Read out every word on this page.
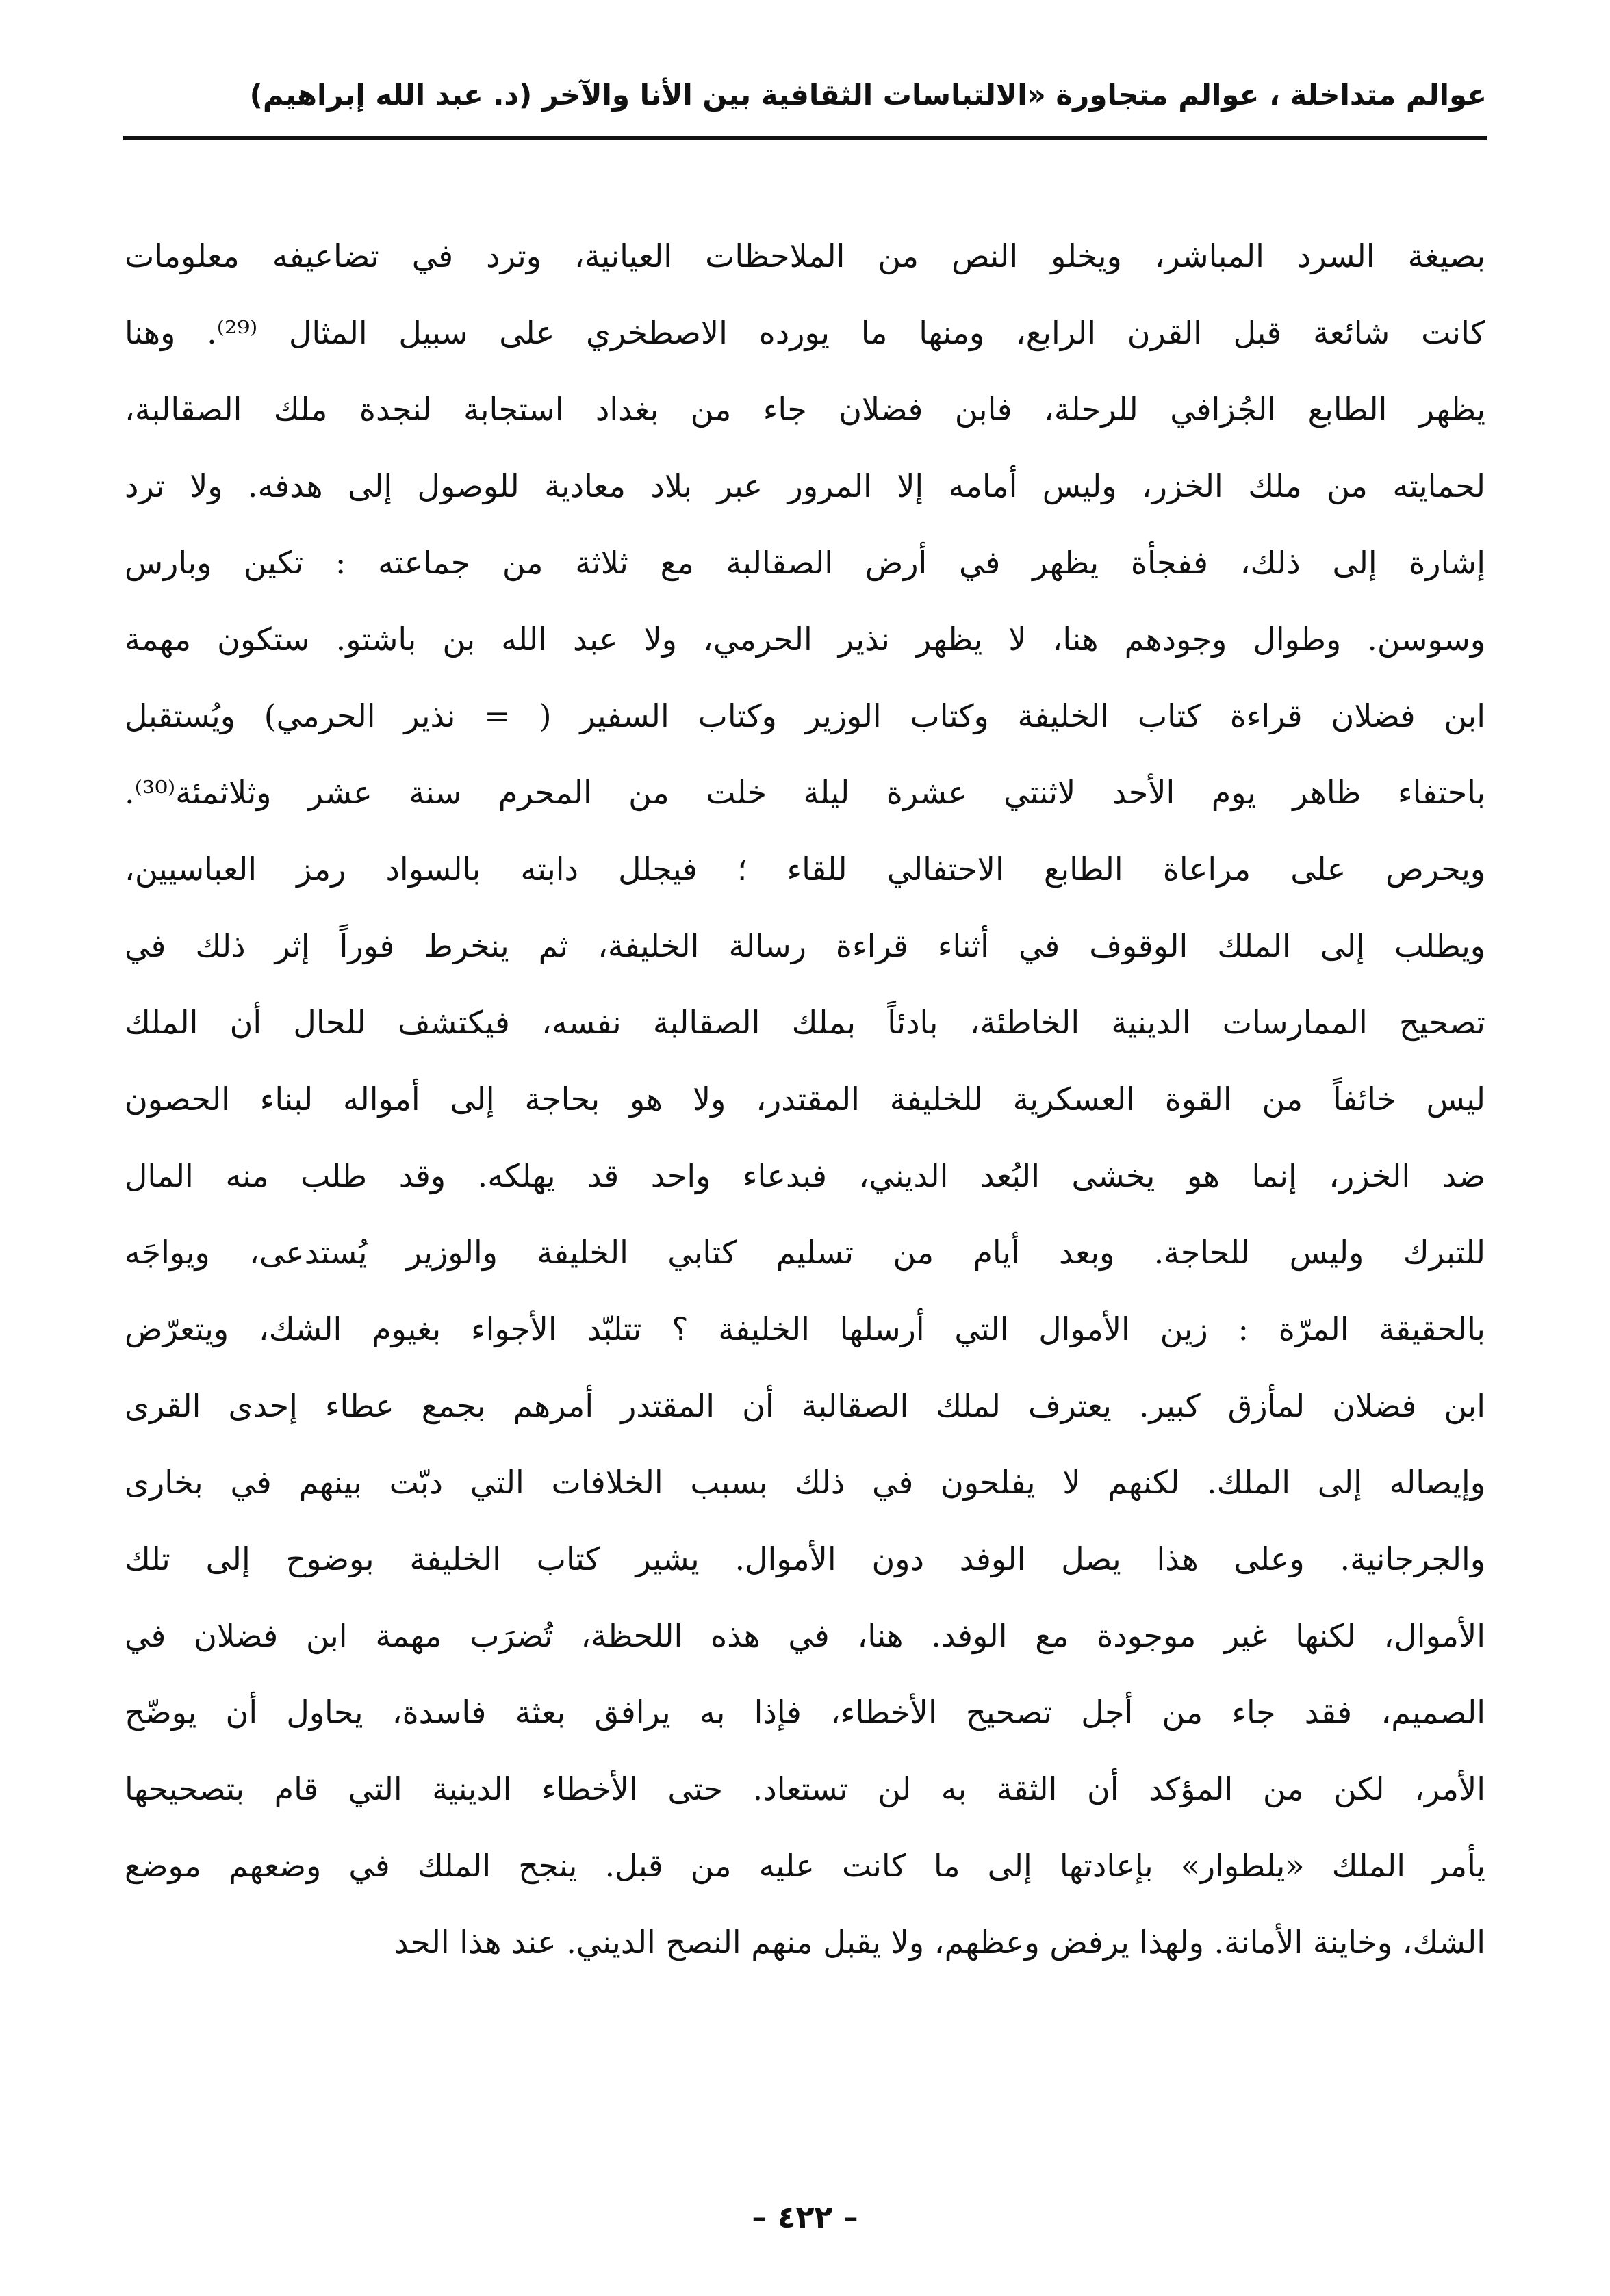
عوالم متداخلة ، عوالم متجاورة «الالتباسات الثقافية بين الأنا والآخر (د. عبد الله إبراهيم)
بصيغة السرد المباشر، ويخلو النص من الملاحظات العيانية، وترد في تضاعيفه معلومات
كانت شائعة قبل القرن الرابع، ومنها ما يورده الاصطخري على سبيل المثال ⁽²⁹⁾. وهنا
يظهر الطابع الجُزافي للرحلة، فابن فضلان جاء من بغداد استجابة لنجدة ملك الصقالبة،
لحمايته من ملك الخزر، وليس أمامه إلا المرور عبر بلاد معادية للوصول إلى هدفه. ولا ترد
إشارة إلى ذلك، ففجأة يظهر في أرض الصقالبة مع ثلاثة من جماعته : تكين وبارس
وسوسن. وطوال وجودهم هنا، لا يظهر نذير الحرمي، ولا عبد الله بن باشتو. ستكون مهمة
ابن فضلان قراءة كتاب الخليفة وكتاب الوزير وكتاب السفير ( = نذير الحرمي) ويُستقبل
باحتفاء ظاهر يوم الأحد لاثنتي عشرة ليلة خلت من المحرم سنة عشر وثلاثمئة⁽³⁰⁾.
ويحرص على مراعاة الطابع الاحتفالي للقاء ؛ فيجلل دابته بالسواد رمز العباسيين،
ويطلب إلى الملك الوقوف في أثناء قراءة رسالة الخليفة، ثم ينخرط فوراً إثر ذلك في
تصحيح الممارسات الدينية الخاطئة، بادئاً بملك الصقالبة نفسه، فيكتشف للحال أن الملك
ليس خائفاً من القوة العسكرية للخليفة المقتدر، ولا هو بحاجة إلى أمواله لبناء الحصون
ضد الخزر، إنما هو يخشى البُعد الديني، فبدعاء واحد قد يهلكه. وقد طلب منه المال
للتبرك وليس للحاجة. وبعد أيام من تسليم كتابي الخليفة والوزير يُستدعى، ويواجَه
بالحقيقة المرّة : زين الأموال التي أرسلها الخليفة ؟ تتلبّد الأجواء بغيوم الشك، ويتعرّض
ابن فضلان لمأزق كبير. يعترف لملك الصقالبة أن المقتدر أمرهم بجمع عطاء إحدى القرى
وإيصاله إلى الملك. لكنهم لا يفلحون في ذلك بسبب الخلافات التي دبّت بينهم في بخارى
والجرجانية. وعلى هذا يصل الوفد دون الأموال. يشير كتاب الخليفة بوضوح إلى تلك
الأموال، لكنها غير موجودة مع الوفد. هنا، في هذه اللحظة، تُضرَب مهمة ابن فضلان في
الصميم، فقد جاء من أجل تصحيح الأخطاء، فإذا به يرافق بعثة فاسدة، يحاول أن يوضّح
الأمر، لكن من المؤكد أن الثقة به لن تستعاد. حتى الأخطاء الدينية التي قام بتصحيحها
يأمر الملك «يلطوار» بإعادتها إلى ما كانت عليه من قبل. ينجح الملك في وضعهم موضع
الشك، وخاينة الأمانة. ولهذا يرفض وعظهم، ولا يقبل منهم النصح الديني. عند هذا الحد
– ٤٢٢ –
